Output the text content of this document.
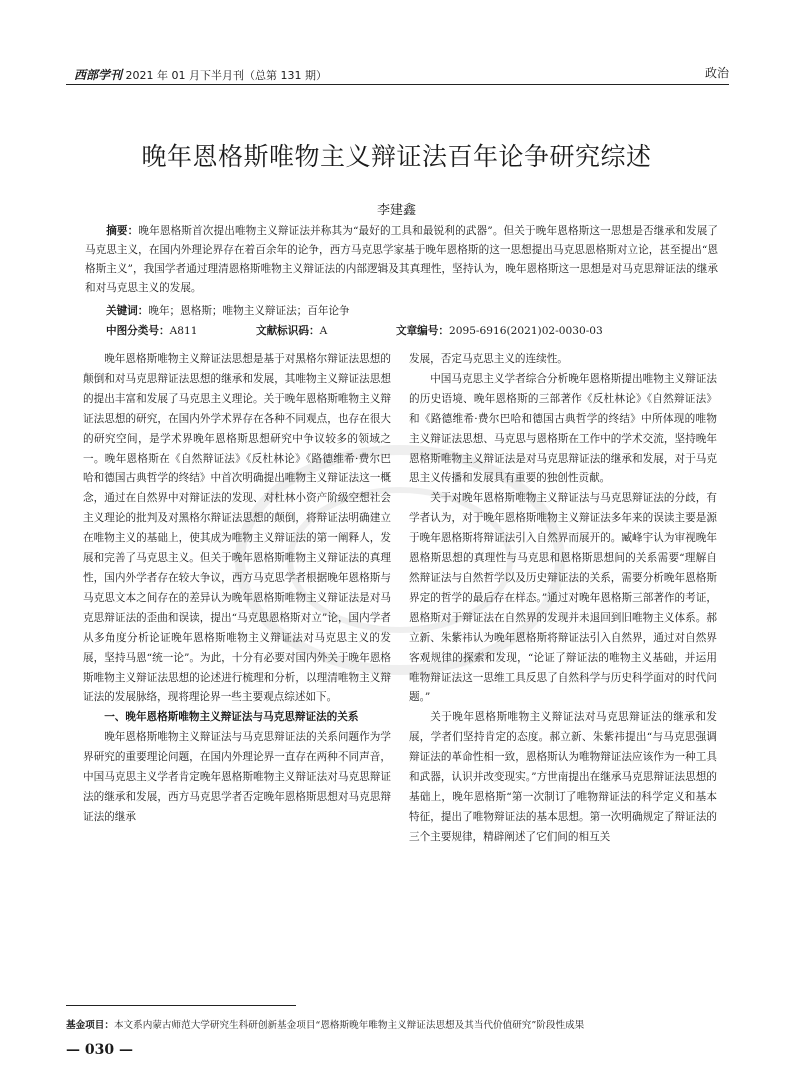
西部学刊 2021 年 01 月下半月刊（总第 131 期）	政治
晚年恩格斯唯物主义辩证法百年论争研究综述
李建鑫

摘要：晚年恩格斯首次提出唯物主义辩证法并称其为“最好的工具和最锐利的武器”。但关于晚年恩格斯这一思想是否继承和发展了马克思主义，在国内外理论界存在着百余年的论争，西方马克思学家基于晚年恩格斯的这一思想提出马克思恩格斯对立论，甚至提出“恩格斯主义”，我国学者通过理清恩格斯唯物主义辩证法的内部逻辑及其真理性，坚持认为，晚年恩格斯这一思想是对马克思辩证法的继承和对马克思主义的发展。

关键词：晚年；恩格斯；唯物主义辩证法；百年论争
中图分类号：A811	文献标识码：A	文章编号：2095-6916(2021)02-0030-03

晚年恩格斯唯物主义辩证法思想是基于对黑格尔辩证法思想的颠倒和对马克思辩证法思想的继承和发展，其唯物主义辩证法思想的提出丰富和发展了马克思主义理论。关于晚年恩格斯唯物主义辩证法思想的研究，在国内外学术界存在各种不同观点，也存在很大的研究空间，是学术界晚年恩格斯思想研究中争议较多的领域之一。晚年恩格斯在《自然辩证法》《反杜林论》《路德维希·费尔巴哈和德国古典哲学的终结》中首次明确提出唯物主义辩证法这一概念，通过在自然界中对辩证法的发现、对杜林小资产阶级空想社会主义理论的批判及对黑格尔辩证法思想的颠倒，将辩证法明确建立在唯物主义的基础上，使其成为唯物主义辩证法的第一阐释人，发展和完善了马克思主义。但关于晚年恩格斯唯物主义辩证法的真理性，国内外学者存在较大争议，西方马克思学者根据晚年恩格斯与马克思文本之间存在的差异认为晚年恩格斯唯物主义辩证法是对马克思辩证法的歪曲和误读，提出“马克思恩格斯对立”论，国内学者从多角度分析论证晚年恩格斯唯物主义辩证法对马克思主义的发展，坚持马恩“统一论”。为此，十分有必要对国内外关于晚年恩格斯唯物主义辩证法思想的论述进行梳理和分析，以理清唯物主义辩证法的发展脉络，现将理论界一些主要观点综述如下。

一、晚年恩格斯唯物主义辩证法与马克思辩证法的关系

晚年恩格斯唯物主义辩证法与马克思辩证法的关系问题作为学界研究的重要理论问题，在国内外理论界一直存在两种不同声音，中国马克思主义学者肯定晚年恩格斯唯物主义辩证法对马克思辩证法的继承和发展，西方马克思学者否定晚年恩格斯思想对马克思辩证法的继承

发展，否定马克思主义的连续性。

中国马克思主义学者综合分析晚年恩格斯提出唯物主义辩证法的历史语境、晚年恩格斯的三部著作《反杜林论》《自然辩证法》和《路德维希·费尔巴哈和德国古典哲学的终结》中所体现的唯物主义辩证法思想、马克思与恩格斯在工作中的学术交流，坚持晚年恩格斯唯物主义辩证法是对马克思辩证法的继承和发展，对于马克思主义传播和发展具有重要的独创性贡献。

关于对晚年恩格斯唯物主义辩证法与马克思辩证法的分歧，有学者认为，对于晚年恩格斯唯物主义辩证法多年来的误读主要是源于晚年恩格斯将辩证法引入自然界而展开的。臧峰宇认为审视晚年恩格斯思想的真理性与马克思和恩格斯思想间的关系需要“理解自然辩证法与自然哲学以及历史辩证法的关系，需要分析晚年恩格斯界定的哲学的最后存在样态。”通过对晚年恩格斯三部著作的考证，恩格斯对于辩证法在自然界的发现并未退回到旧唯物主义体系。郝立新、朱紫祎认为晚年恩格斯将辩证法引入自然界，通过对自然界客观规律的探索和发现，“论证了辩证法的唯物主义基础，并运用唯物辩证法这一思维工具反思了自然科学与历史科学面对的时代问题。”

关于晚年恩格斯唯物主义辩证法对马克思辩证法的继承和发展，学者们坚持肯定的态度。郝立新、朱紫祎提出“与马克思强调辩证法的革命性相一致，恩格斯认为唯物辩证法应该作为一种工具和武器，认识并改变现实。”方世南提出在继承马克思辩证法思想的基础上，晚年恩格斯“第一次制订了唯物辩证法的科学定义和基本特征，提出了唯物辩证法的基本思想。第一次明确规定了辩证法的三个主要规律，精辟阐述了它们间的相互关

基金项目：本文系内蒙古师范大学研究生科研创新基金项目“恩格斯晚年唯物主义辩证法思想及其当代价值研究”阶段性成果
— 030 —
